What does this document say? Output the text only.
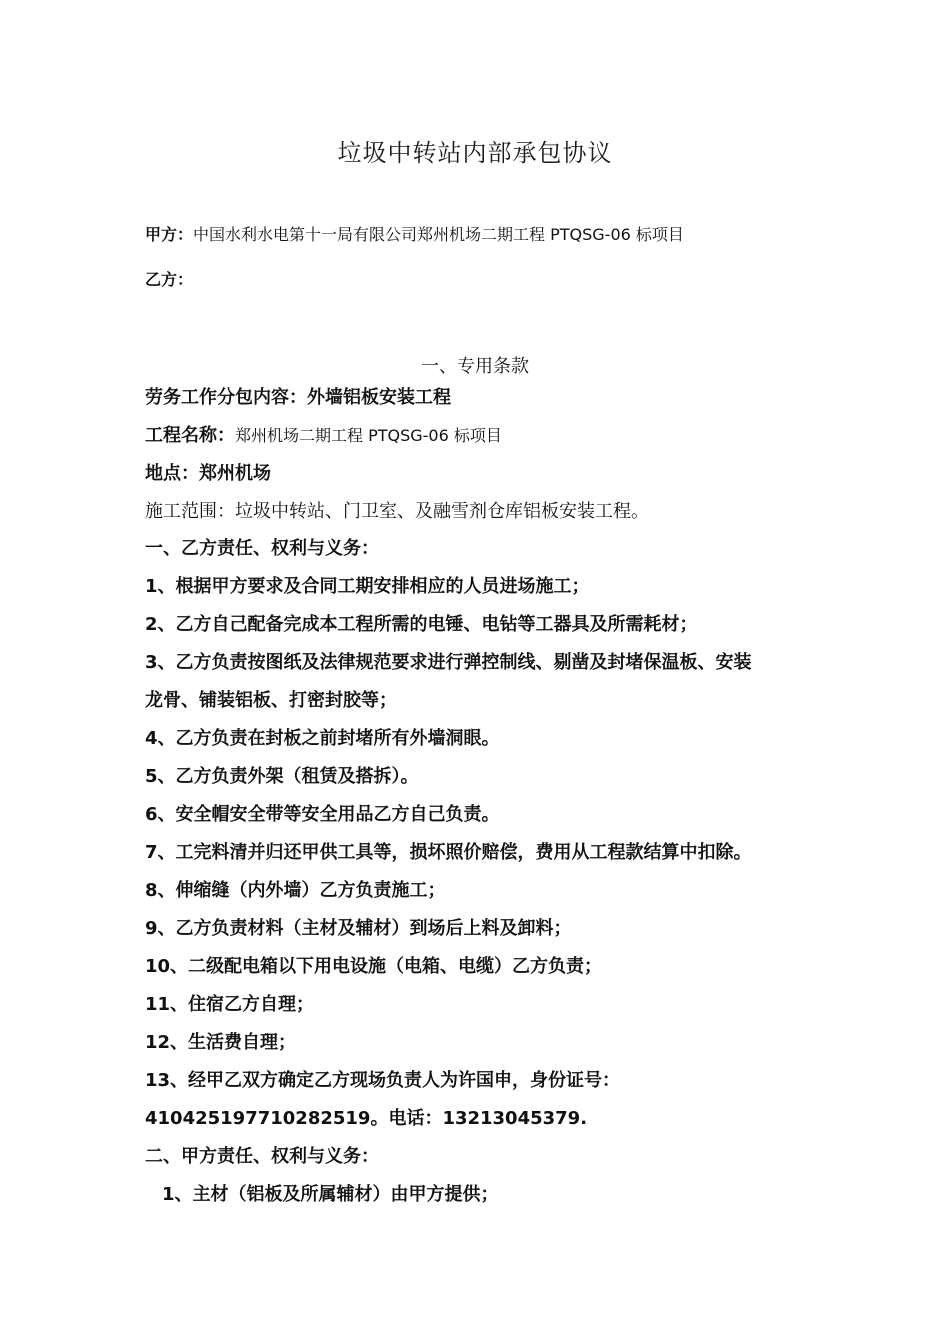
垃圾中转站内部承包协议
甲方：中国水利水电第十一局有限公司郑州机场二期工程 PTQSG-06 标项目
乙方：
一、专用条款
劳务工作分包内容：外墙铝板安装工程
工程名称：郑州机场二期工程 PTQSG-06 标项目
地点：郑州机场
施工范围：垃圾中转站、门卫室、及融雪剂仓库铝板安装工程。
一、乙方责任、权利与义务：
1、根据甲方要求及合同工期安排相应的人员进场施工；
2、乙方自己配备完成本工程所需的电锤、电钻等工器具及所需耗材；
3、乙方负责按图纸及法律规范要求进行弹控制线、剔凿及封堵保温板、安装
龙骨、铺装铝板、打密封胶等；
4、乙方负责在封板之前封堵所有外墙洞眼。
5、乙方负责外架（租赁及搭拆）。
6、安全帽安全带等安全用品乙方自己负责。
7、工完料清并归还甲供工具等，损坏照价赔偿，费用从工程款结算中扣除。
8、伸缩缝（内外墙）乙方负责施工；
9、乙方负责材料（主材及辅材）到场后上料及卸料；
10、二级配电箱以下用电设施（电箱、电缆）乙方负责；
11、住宿乙方自理；
12、生活费自理；
13、经甲乙双方确定乙方现场负责人为许国申，身份证号：
410425197710282519。电话：13213045379.
二、甲方责任、权利与义务：
1、主材（铝板及所属辅材）由甲方提供；
